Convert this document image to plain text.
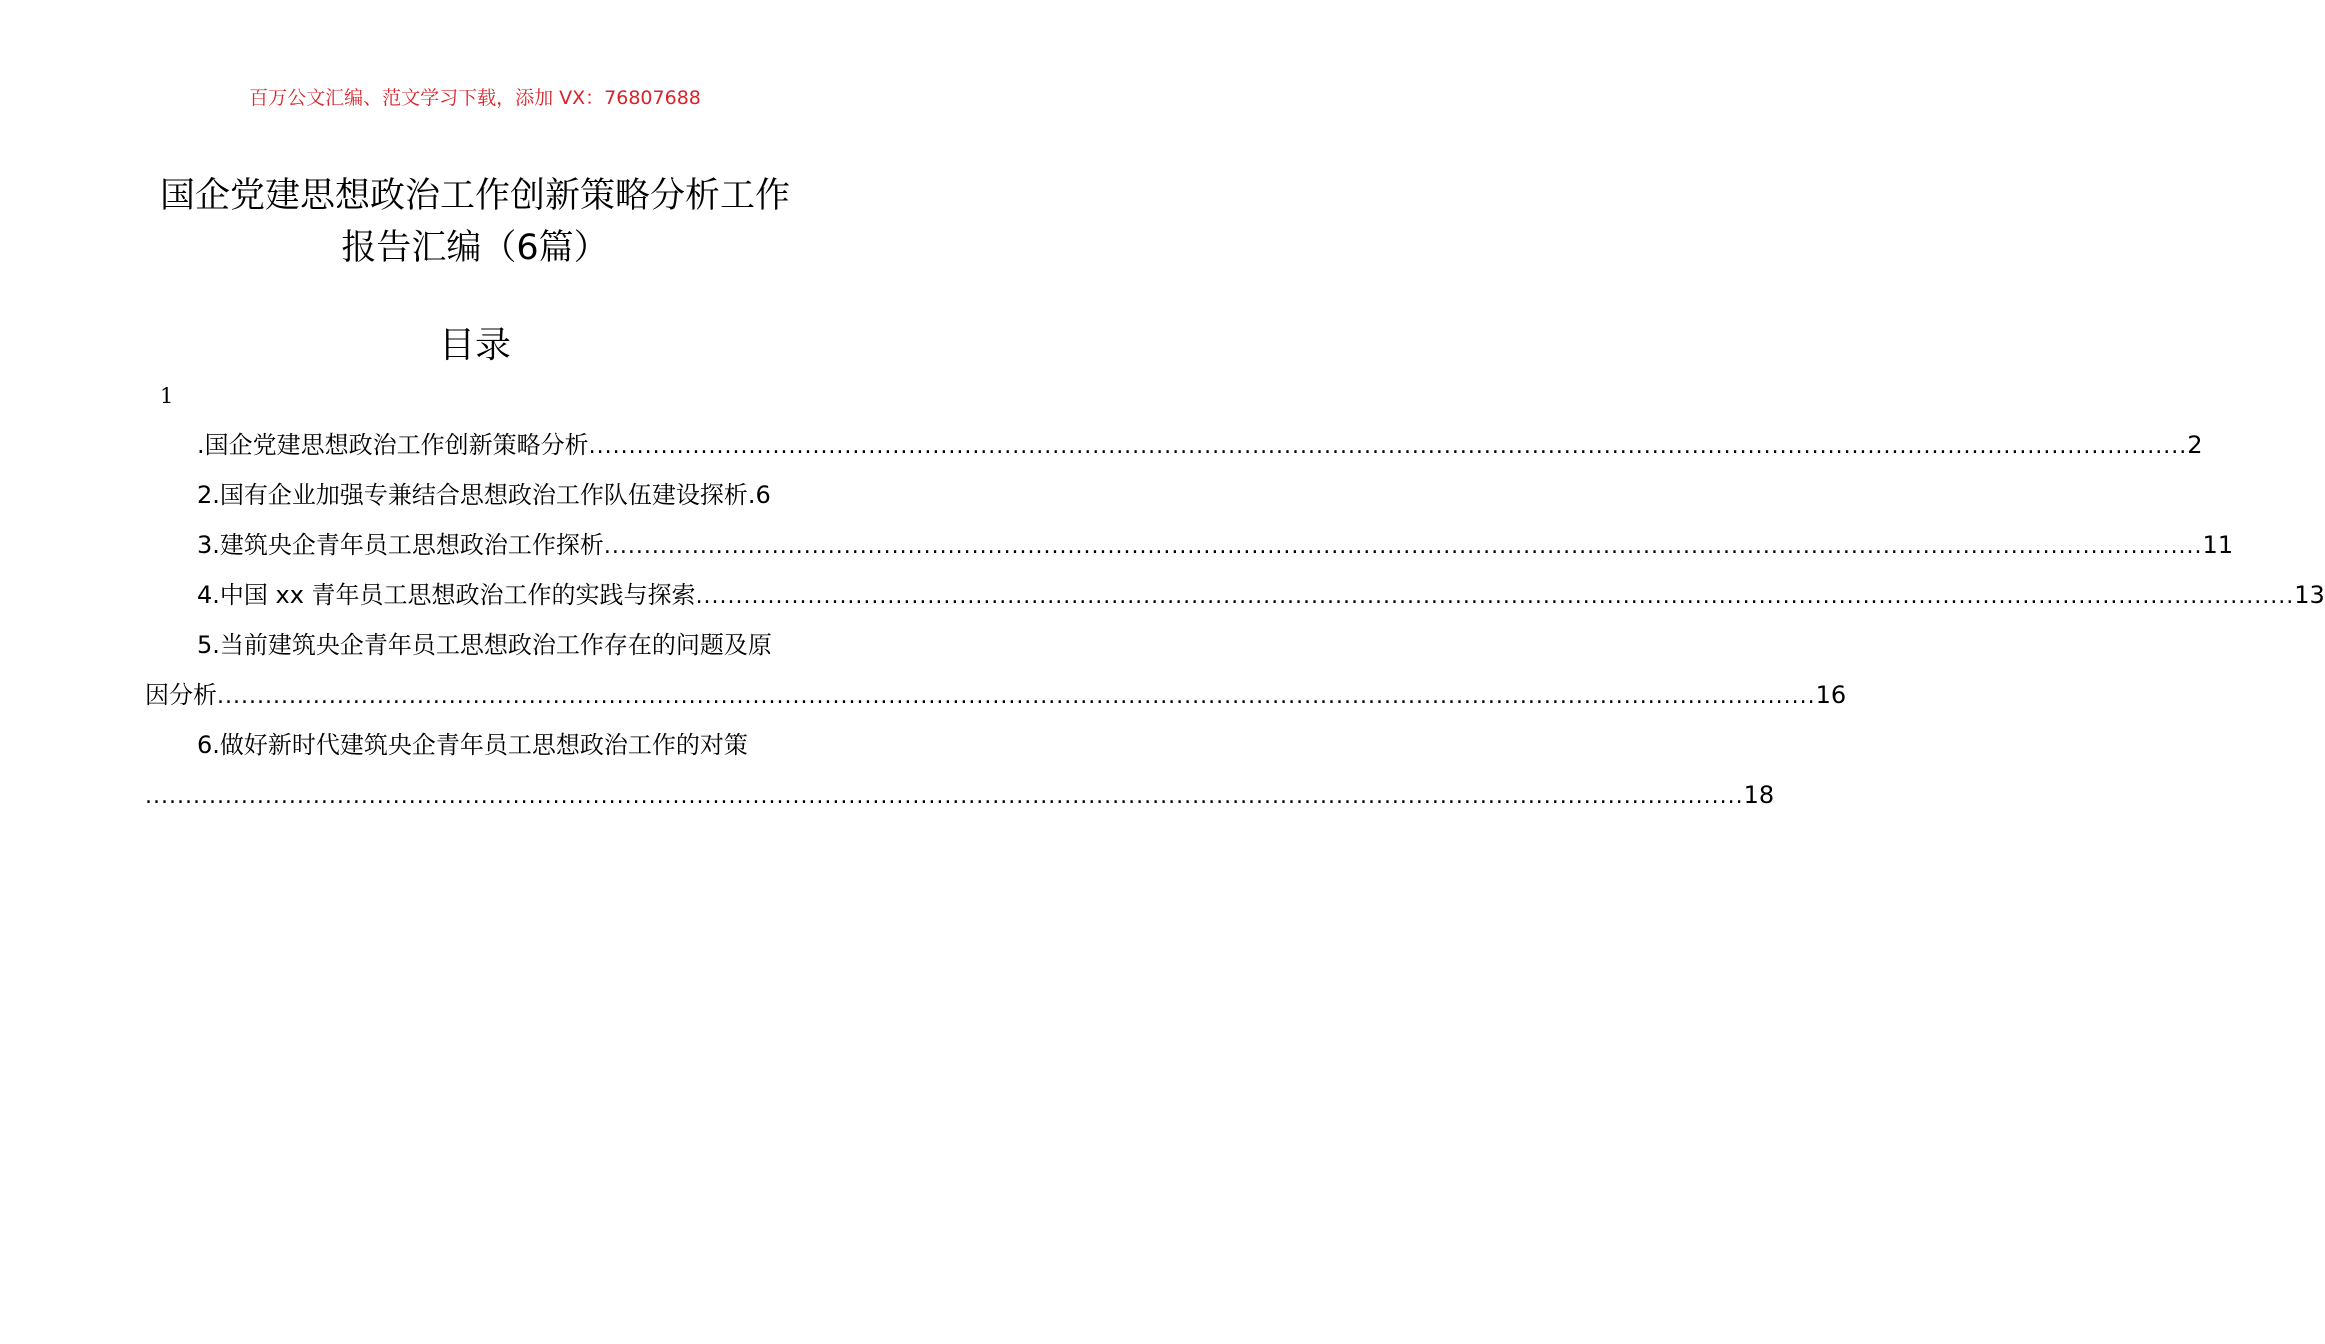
百万公文汇编、范文学习下载，添加 VX：76807688
国企党建思想政治工作创新策略分析工作
报告汇编（6篇）
目录
1
.国企党建思想政治工作创新策略分析 ........................................................................................................................................................................................................ 2
2.国有企业加强专兼结合思想政治工作队伍建设探析 .6
3.建筑央企青年员工思想政治工作探析 ........................................................................................................................................................................................................ 11
4.中国 xx 青年员工思想政治工作的实践与探索 ........................................................................................................................................................................................................ 13
5.当前建筑央企青年员工思想政治工作存在的问题及原
因分析 ........................................................................................................................................................................................................ 16
6.做好新时代建筑央企青年员工思想政治工作的对策
........................................................................................................................................................................................................ 18
